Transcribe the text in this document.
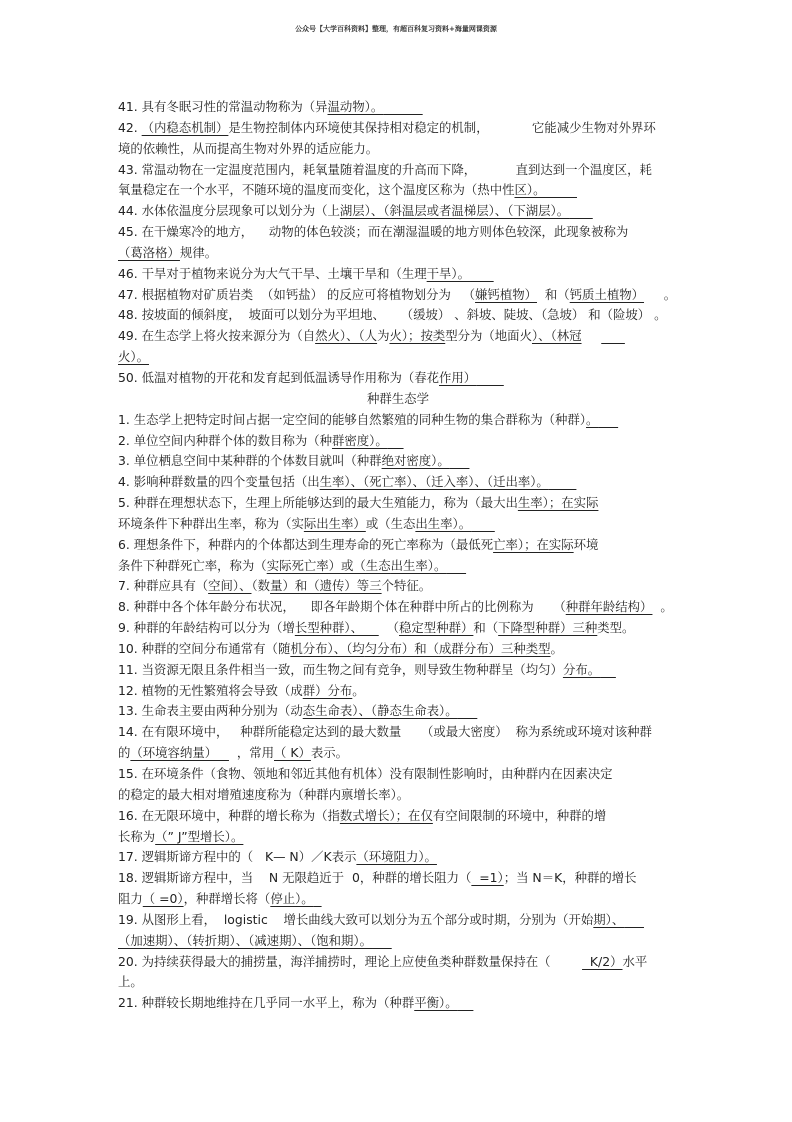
公众号【大学百科资料】整理，有超百科复习资料+海量网课资源
41. 具有冬眠习性的常温动物称为（异温动物）。
42. （内稳态机制）是生物控制体内环境使其保持相对稳定的机制，           它能减少生物对外界环
境的依赖性，从而提高生物对外界的适应能力。
43. 常温动物在一定温度范围内，耗氧量随着温度的升高而下降，          直到达到一个温度区，耗
氧量稳定在一个水平，不随环境的温度而变化，这个温度区称为（热中性区）。
44. 水体依温度分层现象可以划分为（上湖层）、（斜温层或者温梯层）、（下湖层）。
45. 在干燥寒冷的地方，    动物的体色较淡；而在潮湿温暖的地方则体色较深，此现象被称为
（葛洛格）规律。
46. 干旱对于植物来说分为大气干旱、土壤干旱和（生理干旱）。
47. 根据植物对矿质岩类  （如钙盐） 的反应可将植物划分为   （嫌钙植物）  和（钙质土植物）     。
48. 按坡面的倾斜度，  坡面可以划分为平坦地、    （缓坡） 、斜坡、陡坡、（急坡） 和（险坡） 。
49. 在生态学上将火按来源分为（自然火）、（人为火）；按类型分为（地面火）、（林冠
火）。
50. 低温对植物的开花和发育起到低温诱导作用称为（春花作用）
种群生态学
1. 生态学上把特定时间占据一定空间的能够自然繁殖的同种生物的集合群称为（种群）。
2. 单位空间内种群个体的数目称为（种群密度）。
3. 单位栖息空间中某种群的个体数目就叫（种群绝对密度）。
4. 影响种群数量的四个变量包括（出生率）、（死亡率）、（迁入率）、（迁出率）。
5. 种群在理想状态下，生理上所能够达到的最大生殖能力，称为（最大出生率）；在实际
环境条件下种群出生率，称为（实际出生率）或（生态出生率）。
6. 理想条件下，种群内的个体都达到生理寿命的死亡率称为（最低死亡率）；在实际环境
条件下种群死亡率，称为（实际死亡率）或（生态出生率）。
7. 种群应具有（空间）、（数量）和（遗传）等三个特征。
8. 种群中各个体年龄分布状况，    即各年龄期个体在种群中所占的比例称为     （种群年龄结构）  。
9. 种群的年龄结构可以分为（增长型种群）、      （稳定型种群）和（下降型种群）三种类型。
10. 种群的空间分布通常有（随机分布）、（均匀分布）和（成群分布）三种类型。
11. 当资源无限且条件相当一致，而生物之间有竞争，则导致生物种群呈（均匀）分布。
12. 植物的无性繁殖将会导致（成群）分布。
13. 生命表主要由两种分别为（动态生命表）、（静态生命表）。
14. 在有限环境中，   种群所能稳定达到的最大数量     （或最大密度）  称为系统或环境对该种群
的（环境容纳量）     ，常用（ K）表示。
15. 在环境条件（食物、领地和邻近其他有机体）没有限制性影响时，由种群内在因素决定
的稳定的最大相对增殖速度称为（种群内禀增长率）。
16. 在无限环境中，种群的增长称为（指数式增长）；在仅有空间限制的环境中，种群的增
长称为（” J”型增长）。
17. 逻辑斯谛方程中的（   K— N）／K表示（环境阻力）。
18. 逻辑斯谛方程中，当    N 无限趋近于  0，种群的增长阻力（  =1）；当 N＝K，种群的增长
阻力（ =0），种群增长将（停止）。
19. 从图形上看，  logistic    增长曲线大致可以划分为五个部分或时期，分别为（开始期）、
（加速期）、（转折期）、（减速期）、（饱和期）。
20. 为持续获得最大的捕捞量，海洋捕捞时，理论上应使鱼类种群数量保持在（          K/2）水平
上。
21. 种群较长期地维持在几乎同一水平上，称为（种群平衡）。
